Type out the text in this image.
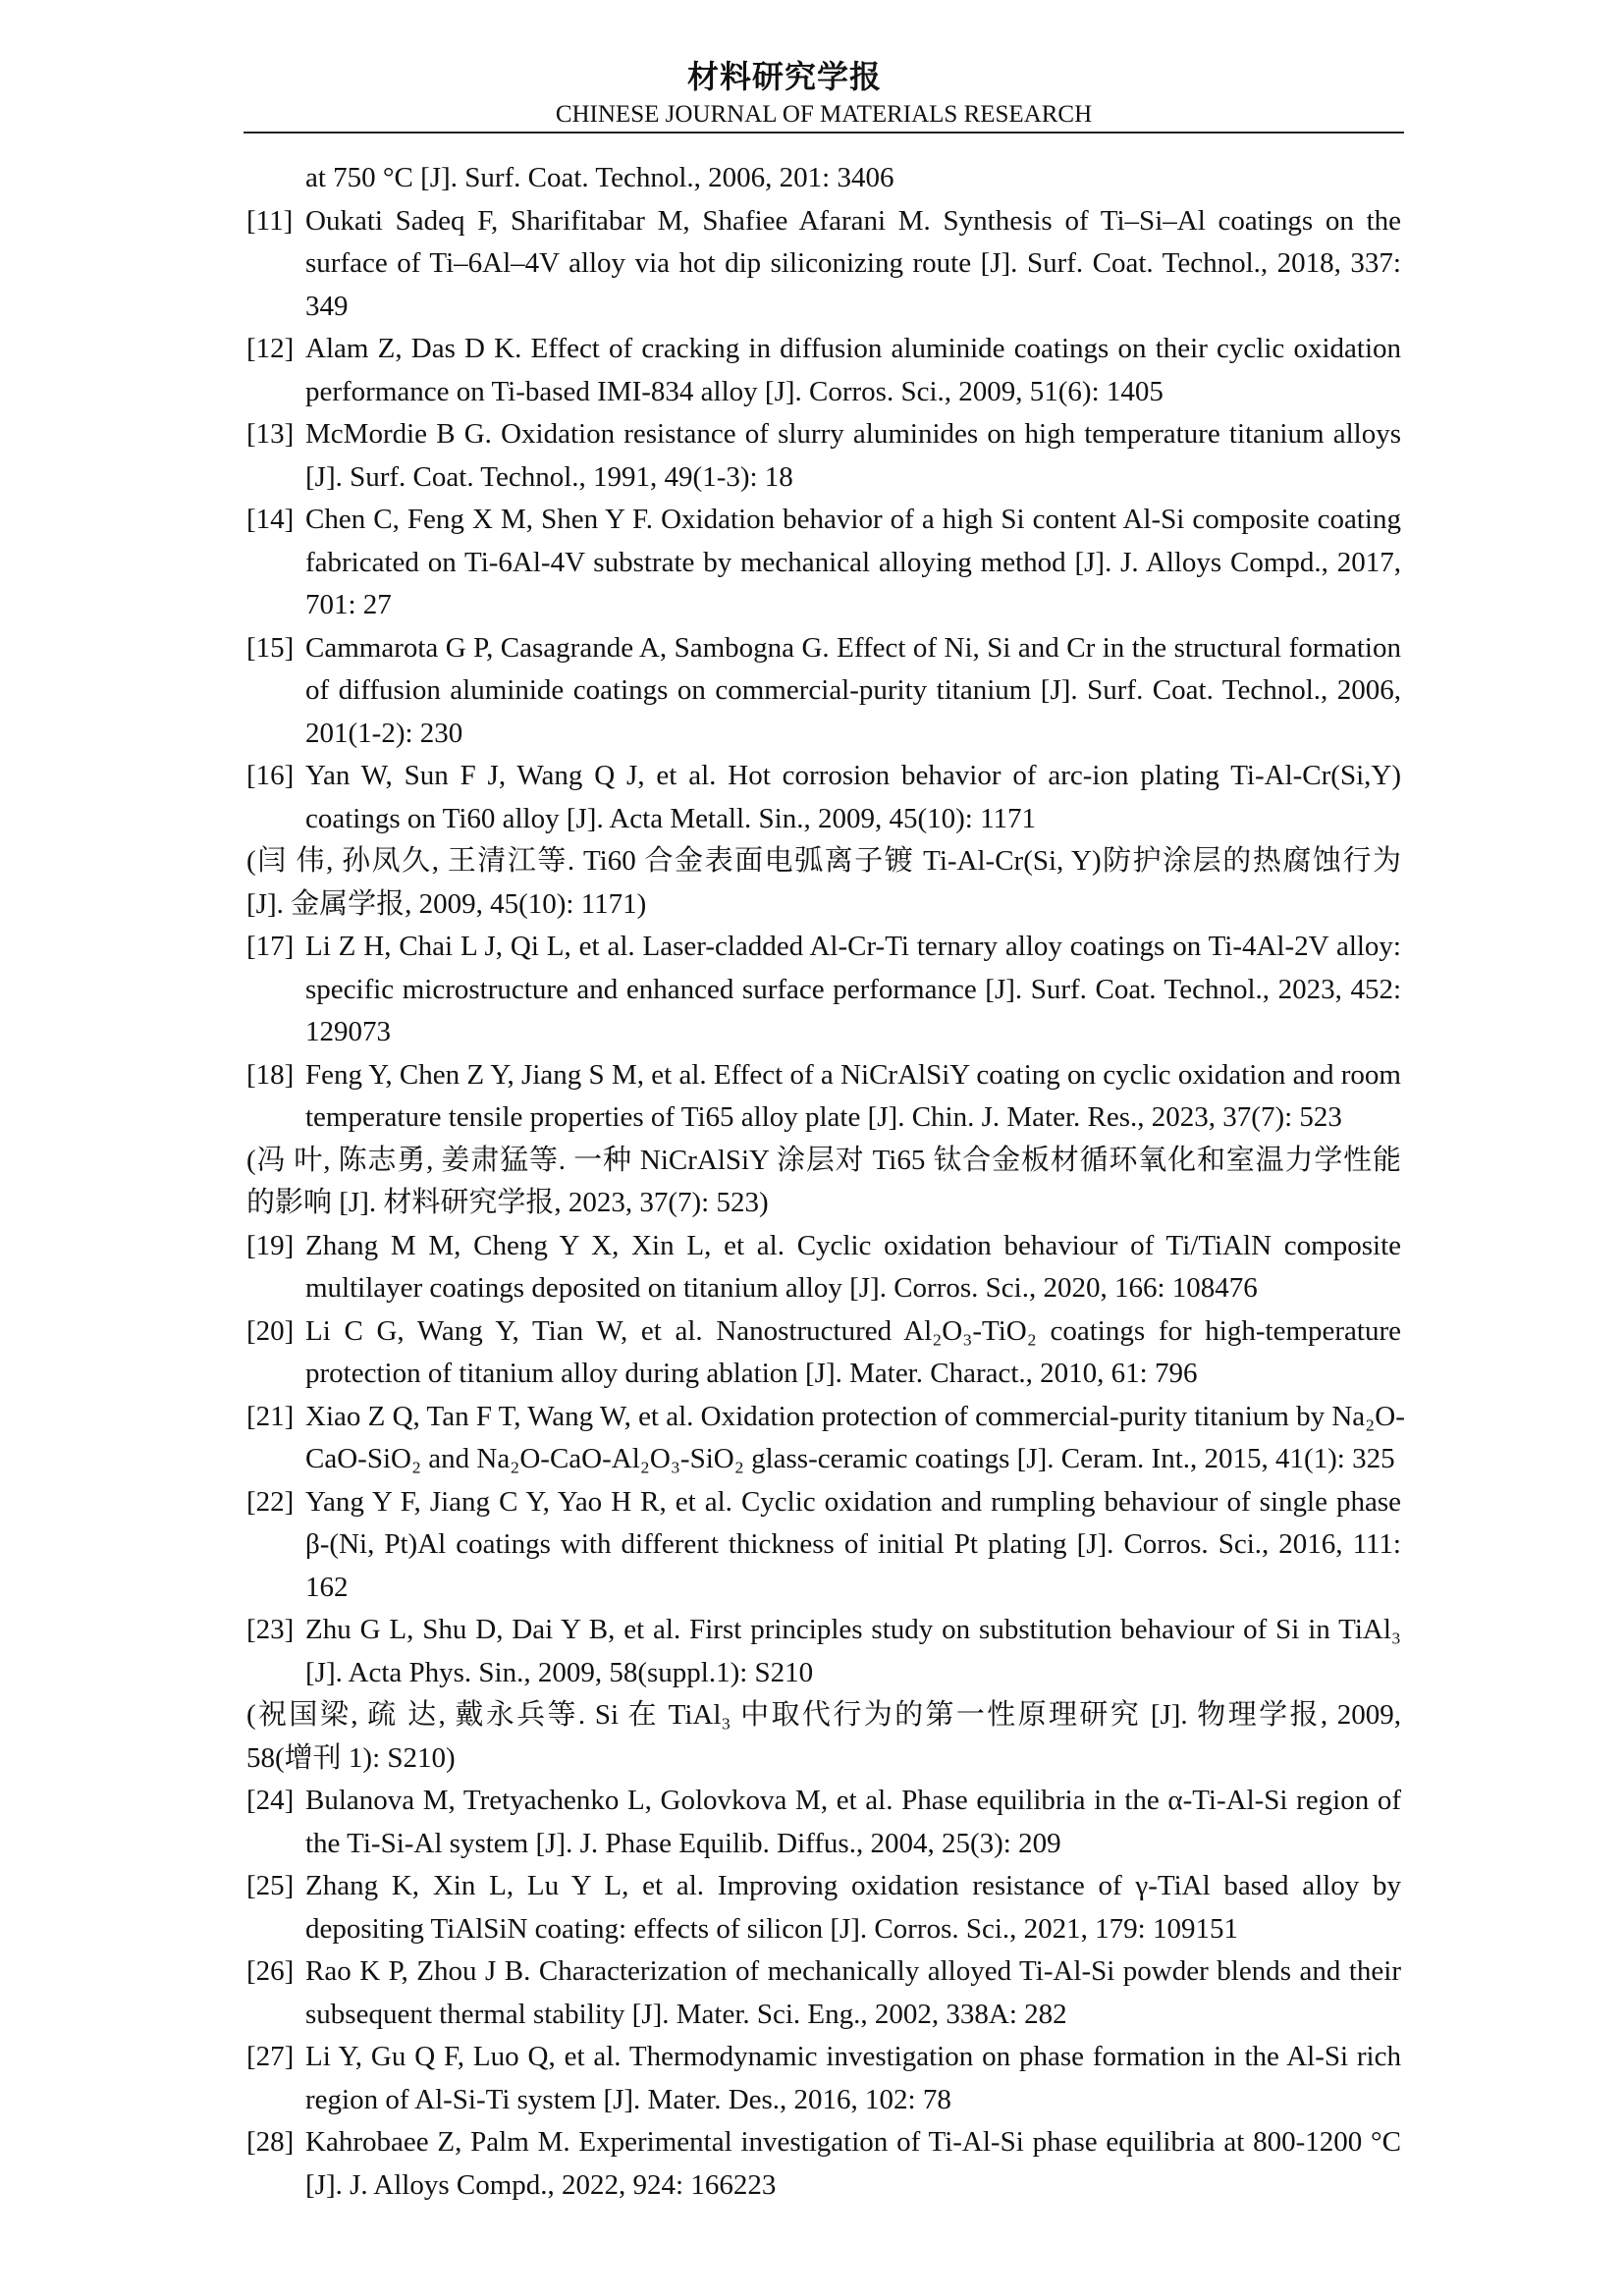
材料研究学报
CHINESE JOURNAL OF MATERIALS RESEARCH
at 750 °C [J]. Surf. Coat. Technol., 2006, 201: 3406
[11] Oukati Sadeq F, Sharifitabar M, Shafiee Afarani M. Synthesis of Ti–Si–Al coatings on the
surface of Ti–6Al–4V alloy via hot dip siliconizing route [J]. Surf. Coat. Technol., 2018, 337:
349
[12] Alam Z, Das D K. Effect of cracking in diffusion aluminide coatings on their cyclic oxidation
performance on Ti-based IMI-834 alloy [J]. Corros. Sci., 2009, 51(6): 1405
[13] McMordie B G. Oxidation resistance of slurry aluminides on high temperature titanium alloys
[J]. Surf. Coat. Technol., 1991, 49(1-3): 18
[14] Chen C, Feng X M, Shen Y F. Oxidation behavior of a high Si content Al-Si composite coating
fabricated on Ti-6Al-4V substrate by mechanical alloying method [J]. J. Alloys Compd., 2017,
701: 27
[15] Cammarota G P, Casagrande A, Sambogna G. Effect of Ni, Si and Cr in the structural formation
of diffusion aluminide coatings on commercial-purity titanium [J]. Surf. Coat. Technol., 2006,
201(1-2): 230
[16] Yan W, Sun F J, Wang Q J, et al. Hot corrosion behavior of arc-ion plating Ti-Al-Cr(Si,Y)
coatings on Ti60 alloy [J]. Acta Metall. Sin., 2009, 45(10): 1171
(闫 伟, 孙凤久, 王清江等. Ti60 合金表面电弧离子镀 Ti-Al-Cr(Si, Y)防护涂层的热腐蚀行为
[J]. 金属学报, 2009, 45(10): 1171)
[17] Li Z H, Chai L J, Qi L, et al. Laser-cladded Al-Cr-Ti ternary alloy coatings on Ti-4Al-2V alloy:
specific microstructure and enhanced surface performance [J]. Surf. Coat. Technol., 2023, 452:
129073
[18] Feng Y, Chen Z Y, Jiang S M, et al. Effect of a NiCrAlSiY coating on cyclic oxidation and room
temperature tensile properties of Ti65 alloy plate [J]. Chin. J. Mater. Res., 2023, 37(7): 523
(冯 叶, 陈志勇, 姜肃猛等. 一种 NiCrAlSiY 涂层对 Ti65 钛合金板材循环氧化和室温力学性能
的影响 [J]. 材料研究学报, 2023, 37(7): 523)
[19] Zhang M M, Cheng Y X, Xin L, et al. Cyclic oxidation behaviour of Ti/TiAlN composite
multilayer coatings deposited on titanium alloy [J]. Corros. Sci., 2020, 166: 108476
[20] Li C G, Wang Y, Tian W, et al. Nanostructured Al₂O₃-TiO₂ coatings for high-temperature
protection of titanium alloy during ablation [J]. Mater. Charact., 2010, 61: 796
[21] Xiao Z Q, Tan F T, Wang W, et al. Oxidation protection of commercial-purity titanium by Na₂O-
CaO-SiO₂ and Na₂O-CaO-Al₂O₃-SiO₂ glass-ceramic coatings [J]. Ceram. Int., 2015, 41(1): 325
[22] Yang Y F, Jiang C Y, Yao H R, et al. Cyclic oxidation and rumpling behaviour of single phase
β-(Ni, Pt)Al coatings with different thickness of initial Pt plating [J]. Corros. Sci., 2016, 111:
162
[23] Zhu G L, Shu D, Dai Y B, et al. First principles study on substitution behaviour of Si in TiAl₃
[J]. Acta Phys. Sin., 2009, 58(suppl.1): S210
(祝国梁, 疏 达, 戴永兵等. Si 在 TiAl₃ 中取代行为的第一性原理研究 [J]. 物理学报, 2009,
58(增刊 1): S210)
[24] Bulanova M, Tretyachenko L, Golovkova M, et al. Phase equilibria in the α-Ti-Al-Si region of
the Ti-Si-Al system [J]. J. Phase Equilib. Diffus., 2004, 25(3): 209
[25] Zhang K, Xin L, Lu Y L, et al. Improving oxidation resistance of γ-TiAl based alloy by
depositing TiAlSiN coating: effects of silicon [J]. Corros. Sci., 2021, 179: 109151
[26] Rao K P, Zhou J B. Characterization of mechanically alloyed Ti-Al-Si powder blends and their
subsequent thermal stability [J]. Mater. Sci. Eng., 2002, 338A: 282
[27] Li Y, Gu Q F, Luo Q, et al. Thermodynamic investigation on phase formation in the Al-Si rich
region of Al-Si-Ti system [J]. Mater. Des., 2016, 102: 78
[28] Kahrobaee Z, Palm M. Experimental investigation of Ti-Al-Si phase equilibria at 800-1200 °C
[J]. J. Alloys Compd., 2022, 924: 166223
